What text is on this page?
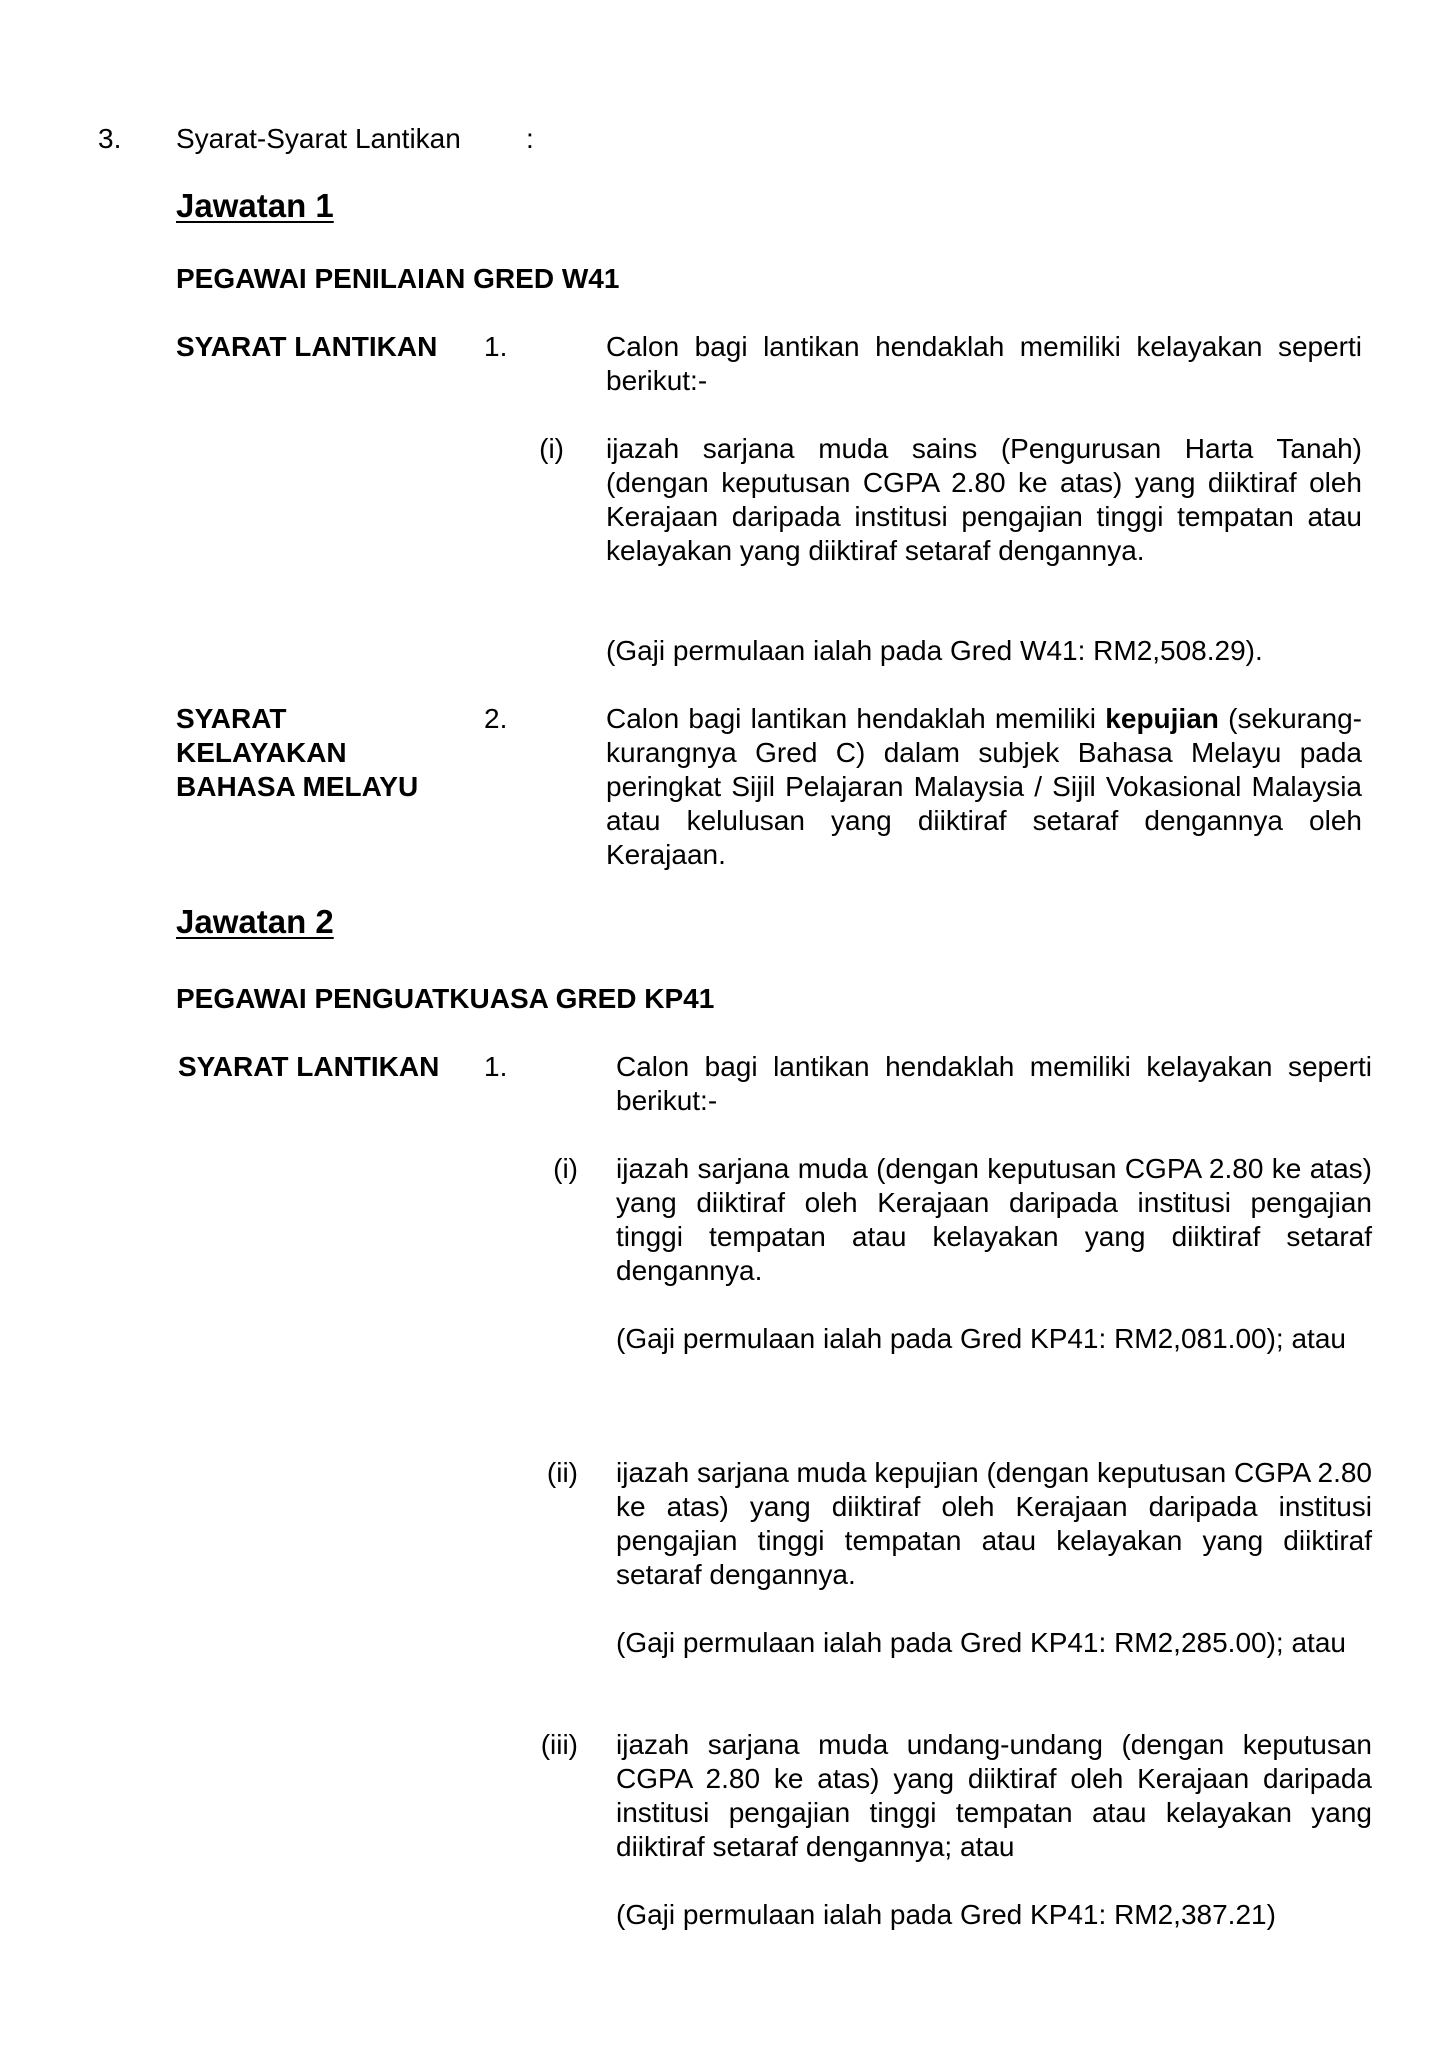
3. Syarat-Syarat Lantikan :
Jawatan 1
PEGAWAI PENILAIAN GRED W41
SYARAT LANTIKAN 1.	Calon bagi lantikan hendaklah memiliki kelayakan seperti berikut:-
(i) ijazah sarjana muda sains (Pengurusan Harta Tanah) (dengan keputusan CGPA 2.80 ke atas) yang diiktiraf oleh Kerajaan daripada institusi pengajian tinggi tempatan atau kelayakan yang diiktiraf setaraf dengannya.
(Gaji permulaan ialah pada Gred W41: RM2,508.29).
SYARAT
KELAYAKAN
BAHASA MELAYU
2.	Calon bagi lantikan hendaklah memiliki kepujian (sekurang-kurangnya Gred C) dalam subjek Bahasa Melayu pada peringkat Sijil Pelajaran Malaysia / Sijil Vokasional Malaysia atau kelulusan yang diiktiraf setaraf dengannya oleh Kerajaan.
Jawatan 2
PEGAWAI PENGUATKUASA GRED KP41
SYARAT LANTIKAN 1.	Calon bagi lantikan hendaklah memiliki kelayakan seperti berikut:-
(i) ijazah sarjana muda (dengan keputusan CGPA 2.80 ke atas) yang diiktiraf oleh Kerajaan daripada institusi pengajian tinggi tempatan atau kelayakan yang diiktiraf setaraf dengannya.
(Gaji permulaan ialah pada Gred KP41: RM2,081.00); atau
(ii) ijazah sarjana muda kepujian (dengan keputusan CGPA 2.80 ke atas) yang diiktiraf oleh Kerajaan daripada institusi pengajian tinggi tempatan atau kelayakan yang diiktiraf setaraf dengannya.
(Gaji permulaan ialah pada Gred KP41: RM2,285.00); atau
(iii) ijazah sarjana muda undang-undang (dengan keputusan CGPA 2.80 ke atas) yang diiktiraf oleh Kerajaan daripada institusi pengajian tinggi tempatan atau kelayakan yang diiktiraf setaraf dengannya; atau
(Gaji permulaan ialah pada Gred KP41: RM2,387.21)
